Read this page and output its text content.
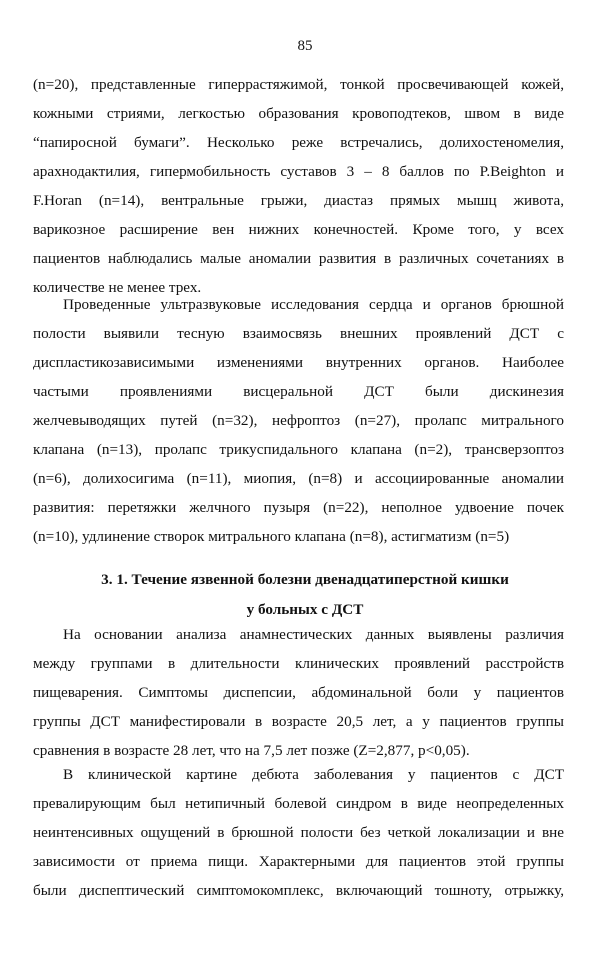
85
(n=20), представленные гиперрастяжимой, тонкой просвечивающей кожей,
кожными стриями, легкостью образования кровоподтеков, швом в виде
“папиросной бумаги”. Несколько реже встречались, долихостеномелия,
арахнодактилия, гипермобильность суставов 3 – 8 баллов по P.Beighton и
F.Horan (n=14), вентральные грыжи, диастаз прямых мышц живота,
варикозное расширение вен нижних конечностей. Кроме того, у всех
пациентов наблюдались малые аномалии развития в различных сочетаниях в
количестве не менее трех.
Проведенные ультразвуковые исследования сердца и органов брюшной
полости выявили тесную взаимосвязь внешних проявлений ДСТ с
диспластикозависимыми изменениями внутренних органов. Наиболее
частыми проявлениями висцеральной ДСТ были дискинезия
желчевыводящих путей (n=32), нефроптоз (n=27), пролапс митрального
клапана (n=13), пролапс трикуспидального клапана (n=2), трансверзоптоз
(n=6), долихосигима (n=11), миопия, (n=8) и ассоциированные аномалии
развития: перетяжки желчного пузыря (n=22), неполное удвоение почек
(n=10), удлинение створок митрального клапана (n=8), астигматизм (n=5)
3. 1. Течение язвенной болезни двенадцатиперстной кишки
у больных с ДСТ
На основании анализа анамнестических данных выявлены различия
между группами в длительности клинических проявлений расстройств
пищеварения. Симптомы диспепсии, абдоминальной боли у пациентов
группы ДСТ манифестировали в возрасте 20,5 лет, а у пациентов группы
сравнения в возрасте 28 лет, что на 7,5 лет позже (Z=2,877, p<0,05).
В клинической картине дебюта заболевания у пациентов с ДСТ
превалирующим был нетипичный болевой синдром в виде неопределенных
неинтенсивных ощущений в брюшной полости без четкой локализации и вне
зависимости от приема пищи. Характерными для пациентов этой группы
были диспептический симптомокомплекс, включающий тошноту, отрыжку,
